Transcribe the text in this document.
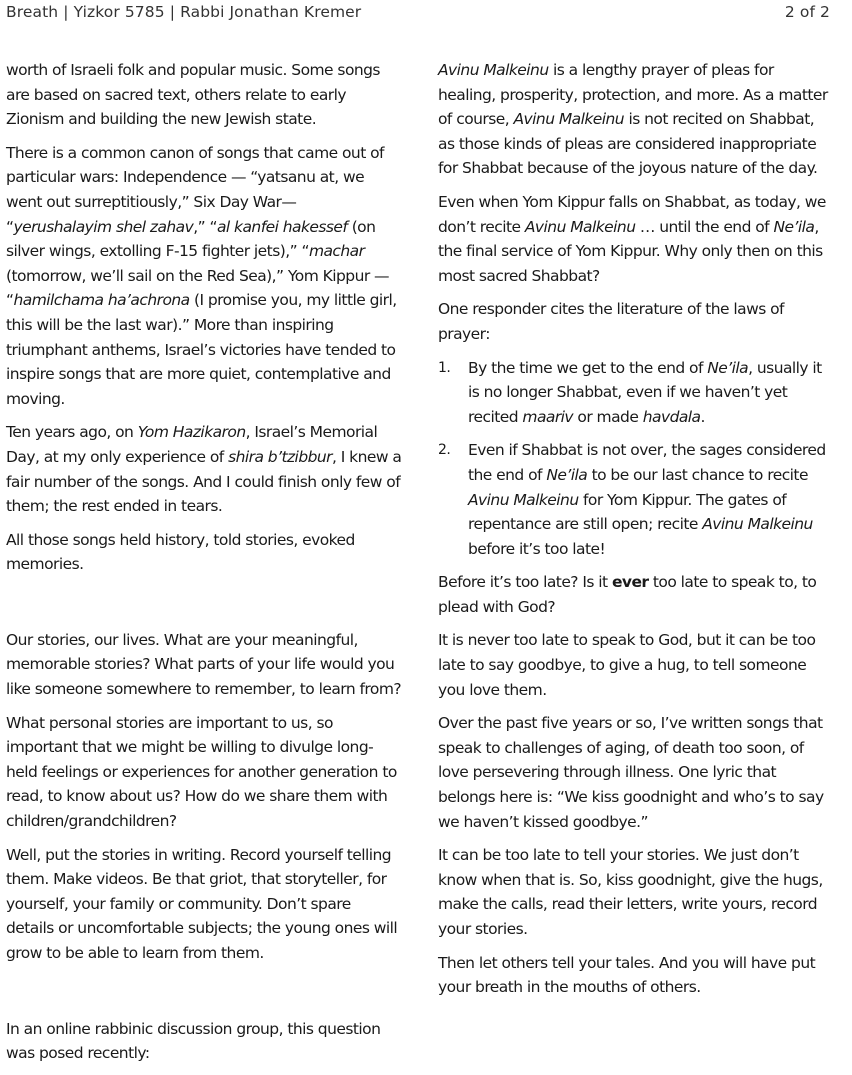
Breath | Yizkor 5785 | Rabbi Jonathan Kremer	2 of 2

worth of Israeli folk and popular music. Some songs are based on sacred text, others relate to early Zionism and building the new Jewish state.

There is a common canon of songs that came out of particular wars: Independence — “yatsanu at, we went out surreptitiously,” Six Day War— “yerushalayim shel zahav,” “al kanfei hakessef (on silver wings, extolling F-15 fighter jets),” “machar (tomorrow, we’ll sail on the Red Sea),” Yom Kippur — “hamilchama ha’achrona (I promise you, my little girl, this will be the last war).” More than inspiring triumphant anthems, Israel’s victories have tended to inspire songs that are more quiet, contemplative and moving.

Ten years ago, on Yom Hazikaron, Israel’s Memorial Day, at my only experience of shira b’tzibbur, I knew a fair number of the songs. And I could finish only few of them; the rest ended in tears.

All those songs held history, told stories, evoked memories.

Our stories, our lives. What are your meaningful, memorable stories? What parts of your life would you like someone somewhere to remember, to learn from?

What personal stories are important to us, so important that we might be willing to divulge long-held feelings or experiences for another generation to read, to know about us? How do we share them with children/grandchildren?

Well, put the stories in writing. Record yourself telling them. Make videos. Be that griot, that storyteller, for yourself, your family or community. Don’t spare details or uncomfortable subjects; the young ones will grow to be able to learn from them.

In an online rabbinic discussion group, this question was posed recently:

Avinu Malkeinu is a lengthy prayer of pleas for healing, prosperity, protection, and more. As a matter of course, Avinu Malkeinu is not recited on Shabbat, as those kinds of pleas are considered inappropriate for Shabbat because of the joyous nature of the day.

Even when Yom Kippur falls on Shabbat, as today, we don’t recite Avinu Malkeinu … until the end of Ne’ila, the final service of Yom Kippur. Why only then on this most sacred Shabbat?

One responder cites the literature of the laws of prayer:

1. By the time we get to the end of Ne’ila, usually it is no longer Shabbat, even if we haven’t yet recited maariv or made havdala.
2. Even if Shabbat is not over, the sages considered the end of Ne’ila to be our last chance to recite Avinu Malkeinu for Yom Kippur. The gates of repentance are still open; recite Avinu Malkeinu before it’s too late!

Before it’s too late? Is it ever too late to speak to, to plead with God?

It is never too late to speak to God, but it can be too late to say goodbye, to give a hug, to tell someone you love them.

Over the past five years or so, I’ve written songs that speak to challenges of aging, of death too soon, of love persevering through illness. One lyric that belongs here is: “We kiss goodnight and who’s to say we haven’t kissed goodbye.”

It can be too late to tell your stories. We just don’t know when that is. So, kiss goodnight, give the hugs, make the calls, read their letters, write yours, record your stories.

Then let others tell your tales. And you will have put your breath in the mouths of others.
